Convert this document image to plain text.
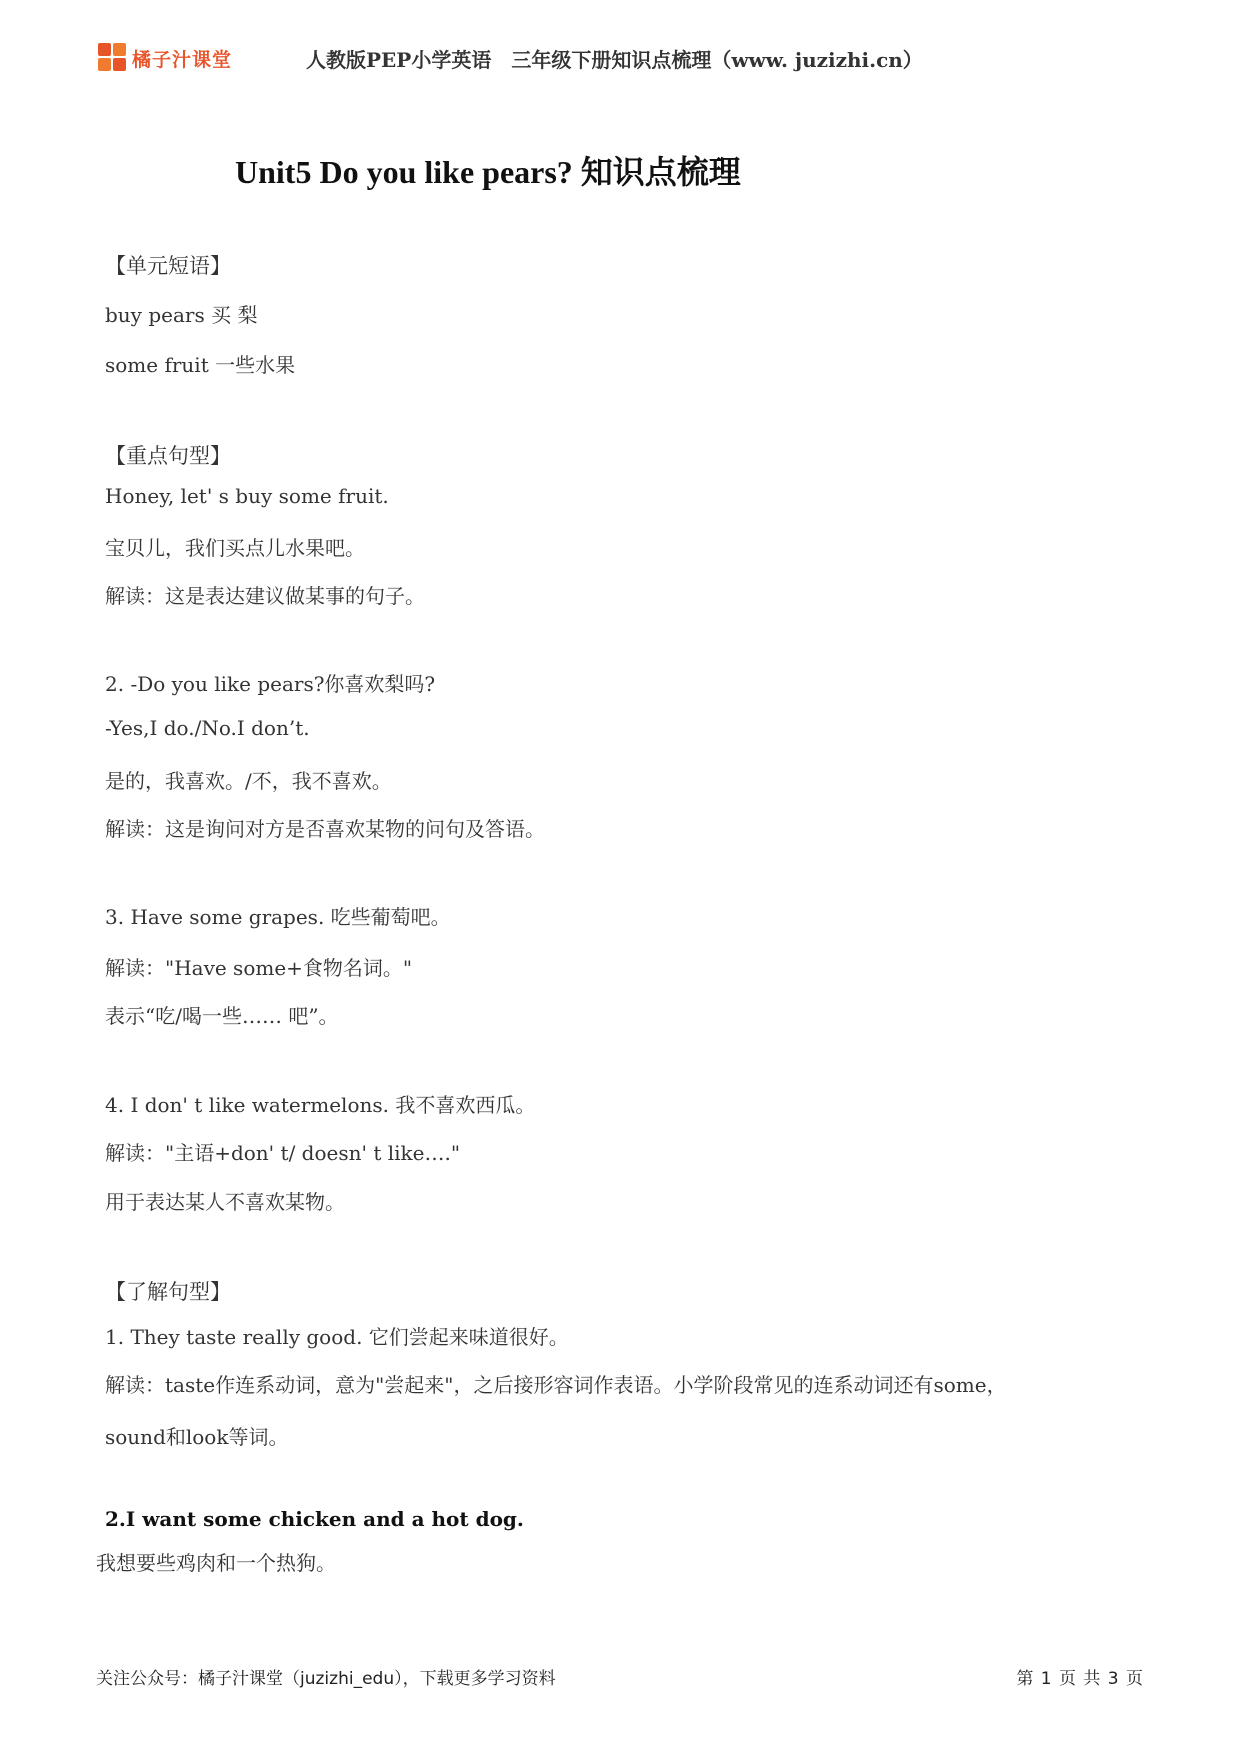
橘子汁课堂	人教版PEP小学英语　三年级下册知识点梳理（www. juzizhi.cn）
Unit5 Do you like pears? 知识点梳理
【单元短语】
buy pears 买 梨
some fruit 一些水果
【重点句型】
Honey, let' s buy some fruit.
宝贝儿，我们买点儿水果吧。
解读：这是表达建议做某事的句子。
2. -Do you like pears?你喜欢梨吗?
-Yes,I do./No.I don’t.
是的，我喜欢。/不，我不喜欢。
解读：这是询问对方是否喜欢某物的问句及答语。
3. Have some grapes. 吃些葡萄吧。
解读："Have some+食物名词。"
表示“吃/喝一些…… 吧”。
4. I don' t like watermelons. 我不喜欢西瓜。
解读："主语+don' t/ doesn' t like…."
用于表达某人不喜欢某物。
【了解句型】
1. They taste really good. 它们尝起来味道很好。
解读：taste作连系动词，意为"尝起来"，之后接形容词作表语。小学阶段常见的连系动词还有some，
sound和look等词。
2.I want some chicken and a hot dog.
我想要些鸡肉和一个热狗。
关注公众号：橘子汁课堂（juzizhi_edu），下载更多学习资料	第 1 页 共 3 页
